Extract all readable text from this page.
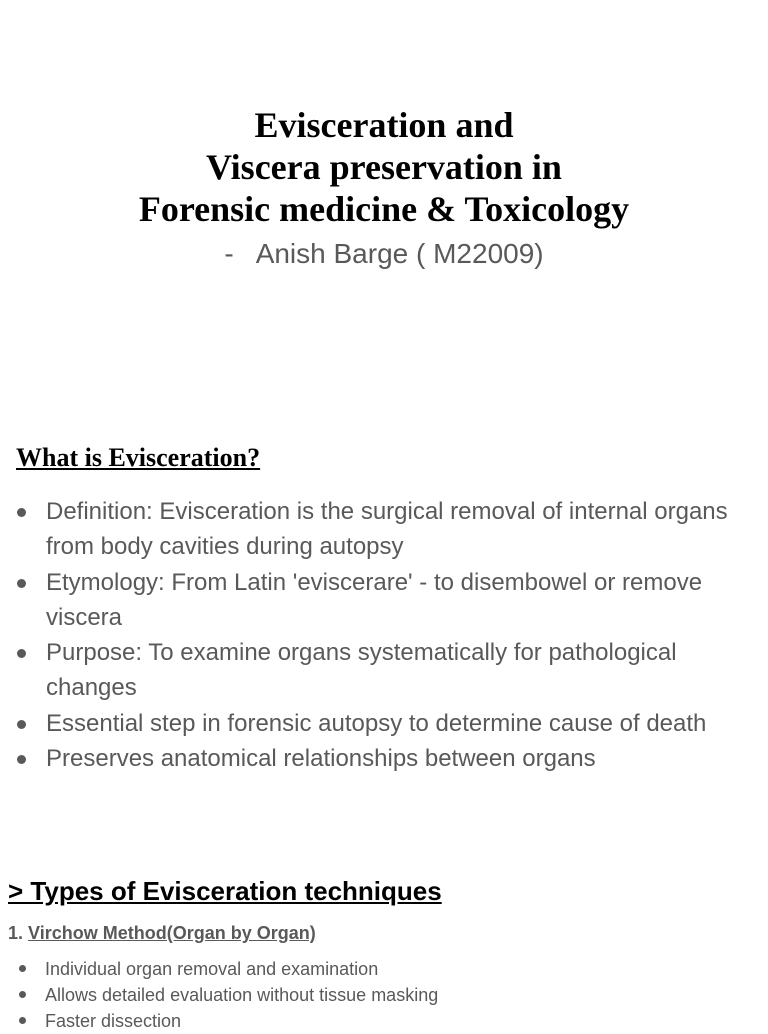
Evisceration and
Viscera preservation in
Forensic medicine & Toxicology
- Anish Barge ( M22009)
What is Evisceration?
Definition: Evisceration is the surgical removal of internal organs from body cavities during autopsy
Etymology: From Latin 'eviscerare' - to disembowel or remove viscera
Purpose: To examine organs systematically for pathological changes
Essential step in forensic autopsy to determine cause of death
Preserves anatomical relationships between organs
> Types of Evisceration techniques
1. Virchow Method(Organ by Organ)
Individual organ removal and examination
Allows detailed evaluation without tissue masking
Faster dissection
